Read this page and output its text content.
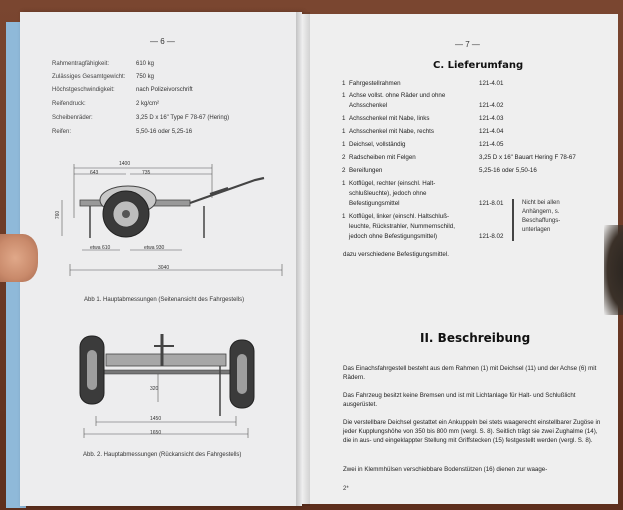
— 6 —
Rahmentragfähigkeit:	610 kg
Zulässiges Gesamtgewicht: 750 kg
Höchstgeschwindigkeit:	nach Polizeivorschrift
Reifendruck:	2 kg/cm²
Scheibenräder:	3,25 D x 16" Type F 78-67 (Hering)
Reifen:	5,50-16 oder 5,25-16
1400
643	735
760
etwa 610	etwa 930
3040
Abb 1. Hauptabmessungen (Seitenansicht des Fahrgestells)
320
1450
1650
Abb. 2. Hauptabmessungen (Rückansicht des Fahrgestells)
— 7 —
C. Lieferumfang
1 Fahrgestellrahmen	121-4.01
1 Achse vollst. ohne Räder und ohne
Achsschenkel	121-4.02
1 Achsschenkel mit Nabe, links	121-4.03
1 Achsschenkel mit Nabe, rechts	121-4.04
1 Deichsel, vollständig	121-4.05
2 Radscheiben mit Felgen	3,25 D x 16" Bauart Hering F 78-67
2 Bereifungen	5,25-16 oder 5,50-16
1 Kotflügel, rechter (einschl. Halt-
schlußleuchte), jedoch ohne
Befestigungsmittel	121-8.01
1 Kotflügel, linker (einschl. Haltschluß-
leuchte, Rückstrahler, Nummernschild,
jedoch ohne Befestigungsmittel)	121-8.02
Nicht bei allen
Anhängern, s.
Beschaffungs-
unterlagen
dazu verschiedene Befestigungsmittel.
II. Beschreibung
Das Einachsfahrgestell besteht aus dem Rahmen (1) mit Deichsel (11) und der Achse (6) mit Rädern.
Das Fahrzeug besitzt keine Bremsen und ist mit Lichtanlage für Halt- und Schlußlicht ausgerüstet.
Die verstellbare Deichsel gestattet ein Ankuppeln bei stets waagerecht einstellbarer Zugöse in jeder Kupplungshöhe von 350 bis 800 mm (vergl. S. 8). Seitlich trägt sie zwei Zughalme (14), die in aus- und eingeklappter Stellung mit Griffstecken (15) festgestellt werden (vergl. S. 8).
Zwei in Klemmhülsen verschiebbare Bodenstützen (16) dienen zur waage-
2*
